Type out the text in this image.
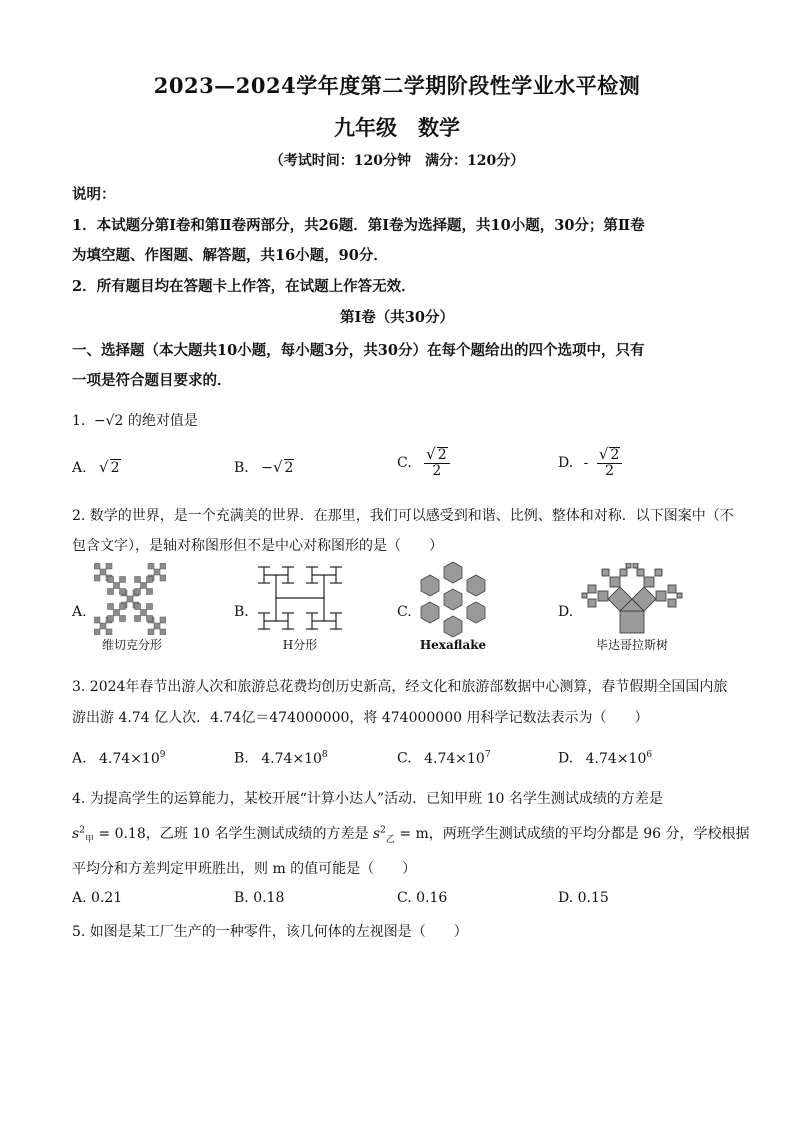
2023—2024学年度第二学期阶段性学业水平检测
九年级　数学
（考试时间：120分钟　满分：120分）
说明：
1．本试题分第Ⅰ卷和第Ⅱ卷两部分，共26题．第Ⅰ卷为选择题，共10小题，30分；第Ⅱ卷
为填空题、作图题、解答题，共16小题，90分．
2．所有题目均在答题卡上作答，在试题上作答无效．
第Ⅰ卷（共30分）
一、选择题（本大题共10小题，每小题3分，共30分）在每个题给出的四个选项中，只有
一项是符合题目要求的．
1. −√2 的绝对值是
A. √ 2	B. −√ 2	C. $\frac{√ 2}{2}$	D. - $\frac{√ 2}{2}$
2. 数学的世界，是一个充满美的世界．在那里，我们可以感受到和谐、比例、整体和对称．以下图案中（不
包含文字），是轴对称图形但不是中心对称图形的是（　　）
A.
维切克分形
B.
H分形
C.
Hexaflake
D.
毕达哥拉斯树
3. 2024年春节出游人次和旅游总花费均创历史新高，经文化和旅游部数据中心测算，春节假期全国国内旅
游出游 4.74 亿人次．4.74亿＝474000000，将 474000000 用科学记数法表示为（　　）
A. $4.74\times 10^9$	B. $4.74\times 10^8$	C. $4.74\times 10^7$	D. $4.74\times 10^6$
4. 为提高学生的运算能力，某校开展“计算小达人”活动．已知甲班 10 名学生测试成绩的方差是
$s^2_甲 = 0.18$，乙班 10 名学生测试成绩的方差是 $s^2_乙 = m$，两班学生测试成绩的平均分都是 96 分，学校根据
平均分和方差判定甲班胜出，则 m 的值可能是（　　）
A. 0.21	B. 0.18	C. 0.16	D. 0.15
5. 如图是某工厂生产的一种零件，该几何体的左视图是（　　）
